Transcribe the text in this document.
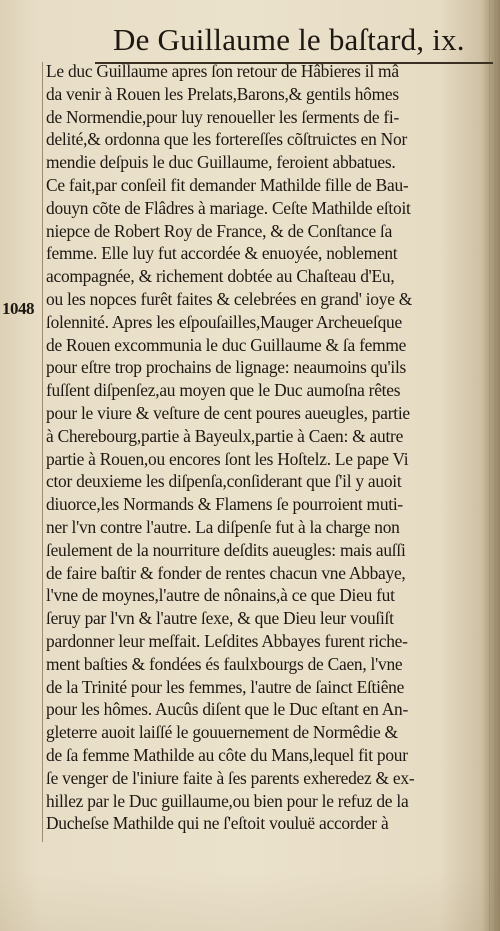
De Guillaume le baſtard, ix.
1048
Le duc Guillaume apres ſon retour de Hâbieres il mâ
da venir à Rouen les Prelats,Barons,& gentils hômes
de Normendie,pour luy renoueller les ſerments de fi-
delité,& ordonna que les fortereſſes cõſtruictes en Nor
mendie deſpuis le duc Guillaume, feroient abbatues.
Ce fait,par conſeil fit demander Mathilde fille de Bau-
douyn cõte de Flâdres à mariage. Ceſte Mathilde eſtoit
niepce de Robert Roy de France, & de Conſtance ſa
femme. Elle luy fut accordée & enuoyée, noblement
acompagnée, & richement dobtée au Chaſteau d'Eu,
ou les nopces furêt faites & celebrées en grand' ioye &
ſolennité. Apres les eſpouſailles,Mauger Archeueſque
de Rouen excommunia le duc Guillaume & ſa femme
pour eſtre trop prochains de lignage: neaumoins qu'ils
fuſſent diſpenſez,au moyen que le Duc aumoſna rêtes
pour le viure & veſture de cent poures aueugles, partie
à Cherebourg,partie à Bayeulx,partie à Caen: & autre
partie à Rouen,ou encores ſont les Hoſtelz. Le pape Vi
ctor deuxieme les diſpenſa,conſiderant que ſ'il y auoit
diuorce,les Normands & Flamens ſe pourroient muti-
ner l'vn contre l'autre. La diſpenſe fut à la charge non
ſeulement de la nourriture deſdits aueugles: mais auſſi
de faire baſtir & fonder de rentes chacun vne Abbaye,
l'vne de moynes,l'autre de nônains,à ce que Dieu fut
ſeruy par l'vn & l'autre ſexe, & que Dieu leur vouſiſt
pardonner leur meſfait. Leſdites Abbayes furent riche-
ment baſties & fondées és faulxbourgs de Caen, l'vne
de la Trinité pour les femmes, l'autre de ſainct Eſtiêne
pour les hômes. Aucûs diſent que le Duc eſtant en An-
gleterre auoit laiſſé le gouuernement de Normêdie &
de ſa femme Mathilde au côte du Mans,lequel fit pour
ſe venger de l'iniure faite à ſes parents exheredez & ex-
hillez par le Duc guillaume,ou bien pour le refuz de la
Ducheſse Mathilde qui ne ſ'eſtoit vouluë accorder à
